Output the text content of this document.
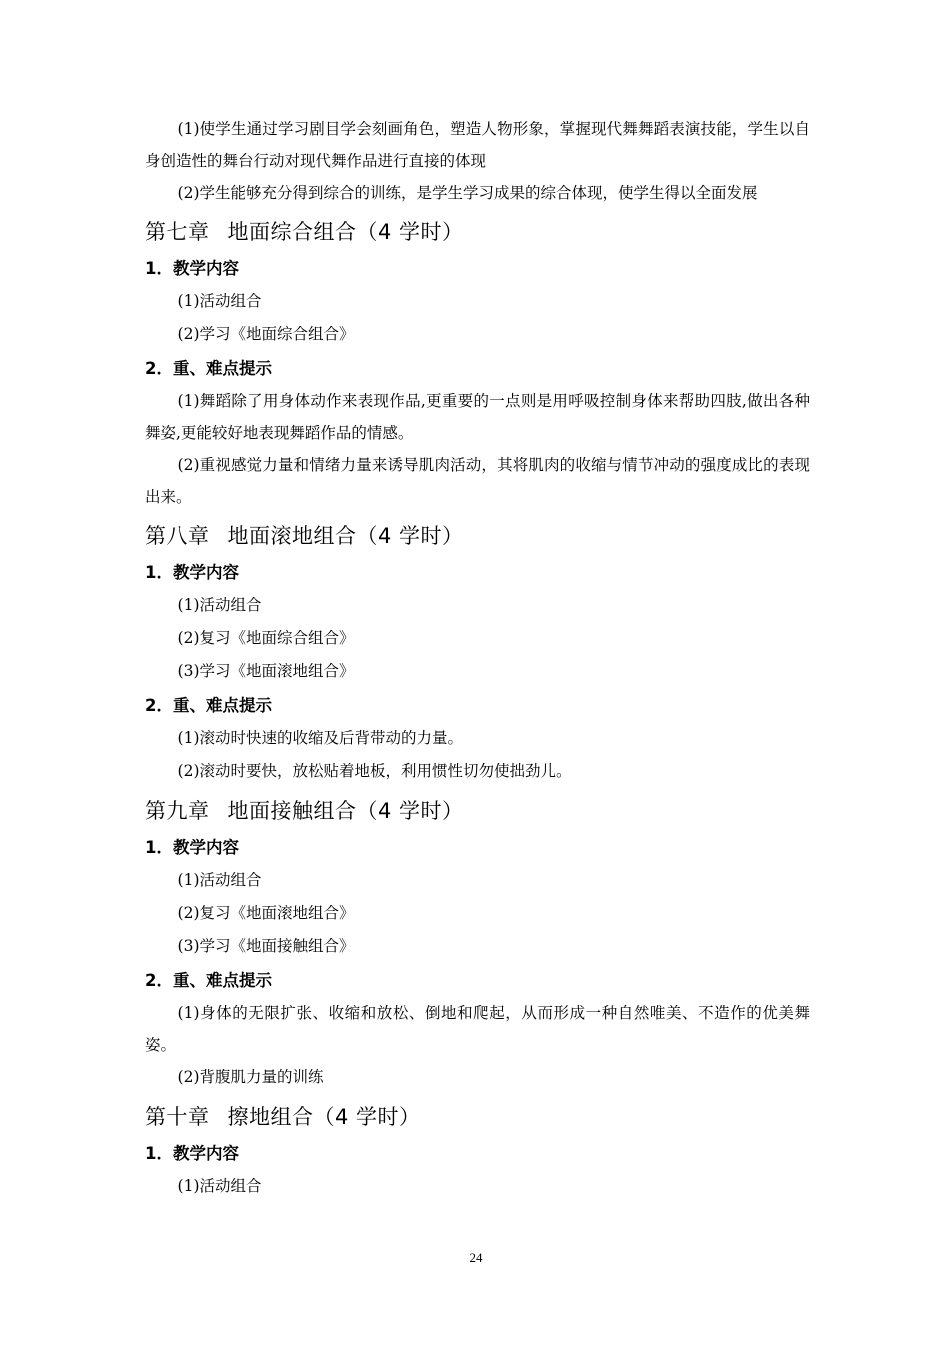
(1)使学生通过学习剧目学会刻画角色，塑造人物形象，掌握现代舞舞蹈表演技能，学生以自身创造性的舞台行动对现代舞作品进行直接的体现

(2)学生能够充分得到综合的训练，是学生学习成果的综合体现，使学生得以全面发展

第七章 地面综合组合（4 学时）
1．教学内容

(1)活动组合

(2)学习《地面综合组合》

2．重、难点提示

(1)舞蹈除了用身体动作来表现作品,更重要的一点则是用呼吸控制身体来帮助四肢,做出各种舞姿,更能较好地表现舞蹈作品的情感。

(2)重视感觉力量和情绪力量来诱导肌肉活动，其将肌肉的收缩与情节冲动的强度成比的表现出来。

第八章 地面滚地组合（4 学时）
1．教学内容

(1)活动组合

(2)复习《地面综合组合》

(3)学习《地面滚地组合》

2．重、难点提示

(1)滚动时快速的收缩及后背带动的力量。

(2)滚动时要快，放松贴着地板，利用惯性切勿使拙劲儿。

第九章 地面接触组合（4 学时）
1．教学内容

(1)活动组合

(2)复习《地面滚地组合》

(3)学习《地面接触组合》

2．重、难点提示

(1)身体的无限扩张、收缩和放松、倒地和爬起，从而形成一种自然唯美、不造作的优美舞姿。

(2)背腹肌力量的训练

第十章 擦地组合（4 学时）
1．教学内容

(1)活动组合

24
